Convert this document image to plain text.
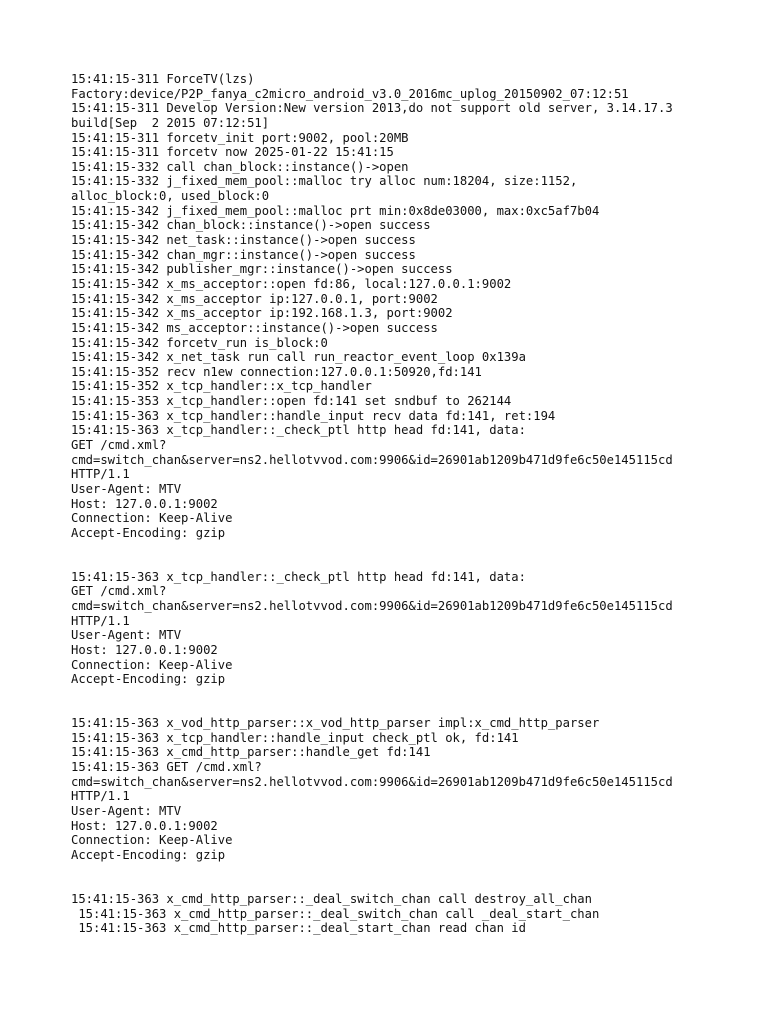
15:41:15-311 ForceTV(lzs)
Factory:device/P2P_fanya_c2micro_android_v3.0_2016mc_uplog_20150902_07:12:51
15:41:15-311 Develop Version:New version 2013,do not support old server, 3.14.17.3
build[Sep  2 2015 07:12:51]
15:41:15-311 forcetv_init port:9002, pool:20MB
15:41:15-311 forcetv now 2025-01-22 15:41:15
15:41:15-332 call chan_block::instance()->open
15:41:15-332 j_fixed_mem_pool::malloc try alloc num:18204, size:1152,
alloc_block:0, used_block:0
15:41:15-342 j_fixed_mem_pool::malloc prt min:0x8de03000, max:0xc5af7b04
15:41:15-342 chan_block::instance()->open success
15:41:15-342 net_task::instance()->open success
15:41:15-342 chan_mgr::instance()->open success
15:41:15-342 publisher_mgr::instance()->open success
15:41:15-342 x_ms_acceptor::open fd:86, local:127.0.0.1:9002
15:41:15-342 x_ms_acceptor ip:127.0.0.1, port:9002
15:41:15-342 x_ms_acceptor ip:192.168.1.3, port:9002
15:41:15-342 ms_acceptor::instance()->open success
15:41:15-342 forcetv_run is_block:0
15:41:15-342 x_net_task run call run_reactor_event_loop 0x139a
15:41:15-352 recv n1ew connection:127.0.0.1:50920,fd:141
15:41:15-352 x_tcp_handler::x_tcp_handler
15:41:15-353 x_tcp_handler::open fd:141 set sndbuf to 262144
15:41:15-363 x_tcp_handler::handle_input recv data fd:141, ret:194
15:41:15-363 x_tcp_handler::_check_ptl http head fd:141, data:
GET /cmd.xml?
cmd=switch_chan&server=ns2.hellotvvod.com:9906&id=26901ab1209b471d9fe6c50e145115cd
HTTP/1.1
User-Agent: MTV
Host: 127.0.0.1:9002
Connection: Keep-Alive
Accept-Encoding: gzip
15:41:15-363 x_tcp_handler::_check_ptl http head fd:141, data:
GET /cmd.xml?
cmd=switch_chan&server=ns2.hellotvvod.com:9906&id=26901ab1209b471d9fe6c50e145115cd
HTTP/1.1
User-Agent: MTV
Host: 127.0.0.1:9002
Connection: Keep-Alive
Accept-Encoding: gzip
15:41:15-363 x_vod_http_parser::x_vod_http_parser impl:x_cmd_http_parser
15:41:15-363 x_tcp_handler::handle_input check_ptl ok, fd:141
15:41:15-363 x_cmd_http_parser::handle_get fd:141
15:41:15-363 GET /cmd.xml?
cmd=switch_chan&server=ns2.hellotvvod.com:9906&id=26901ab1209b471d9fe6c50e145115cd
HTTP/1.1
User-Agent: MTV
Host: 127.0.0.1:9002
Connection: Keep-Alive
Accept-Encoding: gzip
15:41:15-363 x_cmd_http_parser::_deal_switch_chan call destroy_all_chan
15:41:15-363 x_cmd_http_parser::_deal_switch_chan call _deal_start_chan
15:41:15-363 x_cmd_http_parser::_deal_start_chan read chan id
